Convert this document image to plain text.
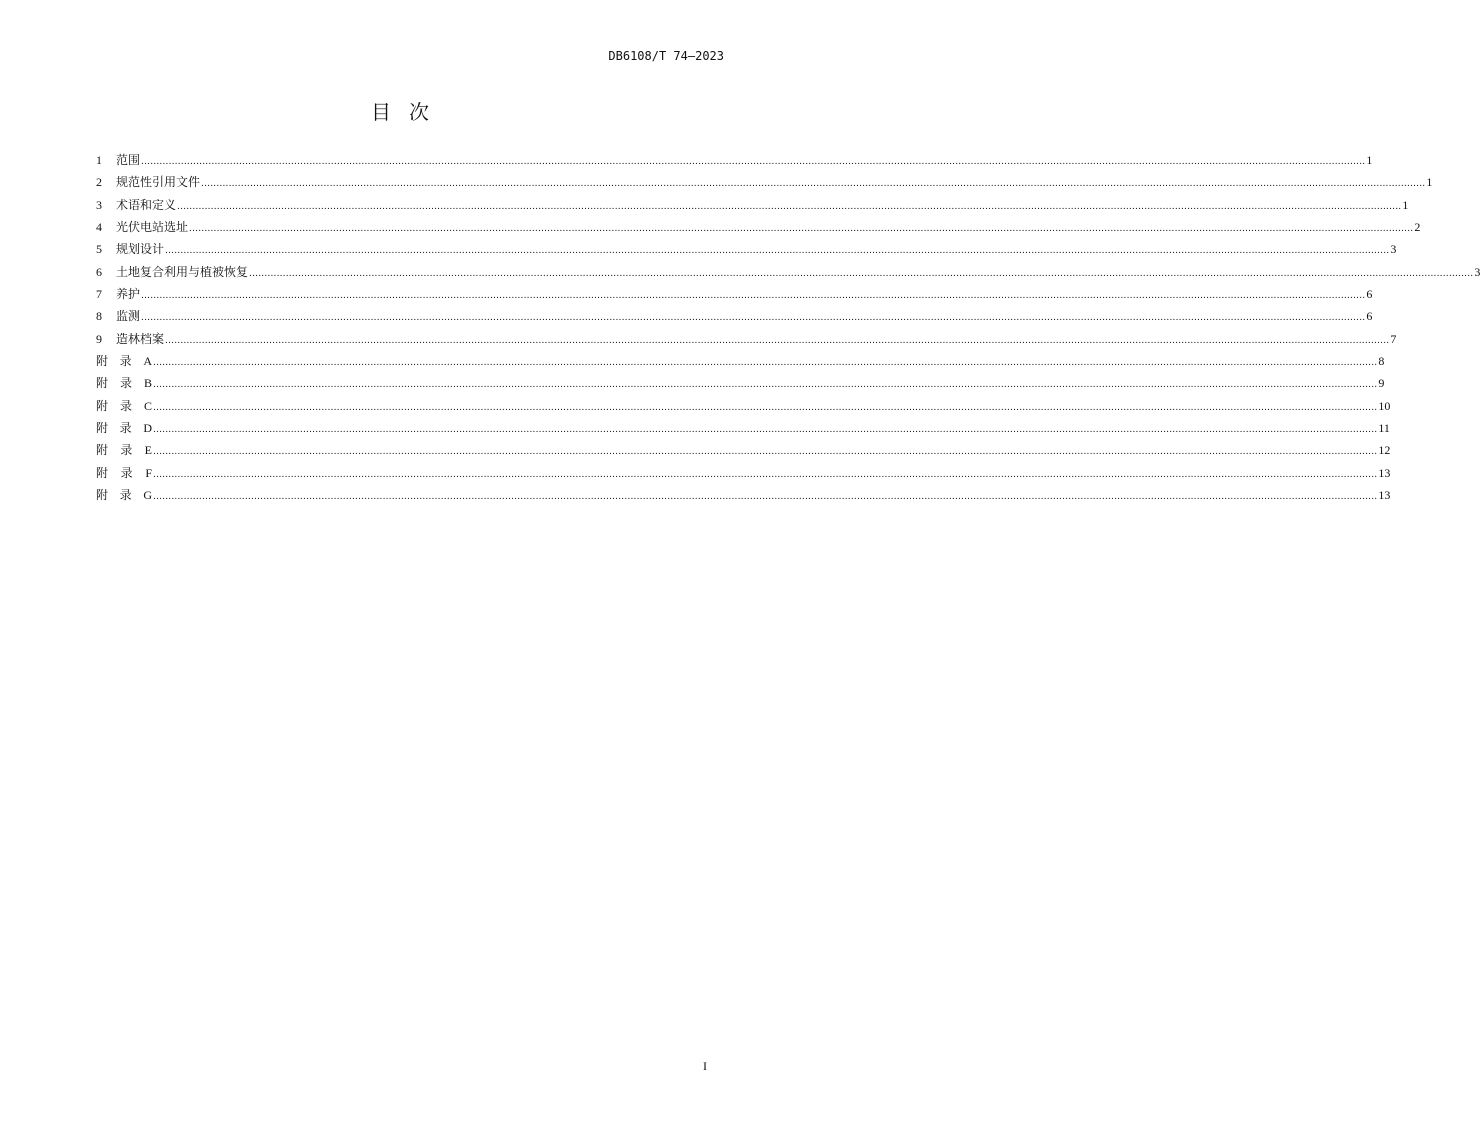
DB6108/T 74—2023
目次
1	范围 ................................................................................................................................................................................................................................................................................................................................................................................................................ 1
2	规范性引用文件 ................................................................................................................................................................................................................................................................................................................................................................................................................ 1
3	术语和定义 ................................................................................................................................................................................................................................................................................................................................................................................................................ 1
4	光伏电站选址 ................................................................................................................................................................................................................................................................................................................................................................................................................ 2
5	规划设计 ................................................................................................................................................................................................................................................................................................................................................................................................................ 3
6	土地复合利用与植被恢复 ................................................................................................................................................................................................................................................................................................................................................................................................................ 3
7	养护 ................................................................................................................................................................................................................................................................................................................................................................................................................ 6
8	监测 ................................................................................................................................................................................................................................................................................................................................................................................................................ 6
9	造林档案 ................................................................................................................................................................................................................................................................................................................................................................................................................ 7
附 录 A ................................................................................................................................................................................................................................................................................................................................................................................................................ 8
附 录 B ................................................................................................................................................................................................................................................................................................................................................................................................................ 9
附 录 C ................................................................................................................................................................................................................................................................................................................................................................................................................ 10
附 录 D ................................................................................................................................................................................................................................................................................................................................................................................................................ 11
附 录 E ................................................................................................................................................................................................................................................................................................................................................................................................................ 12
附 录 F ................................................................................................................................................................................................................................................................................................................................................................................................................ 13
附 录 G ................................................................................................................................................................................................................................................................................................................................................................................................................ 13
I
